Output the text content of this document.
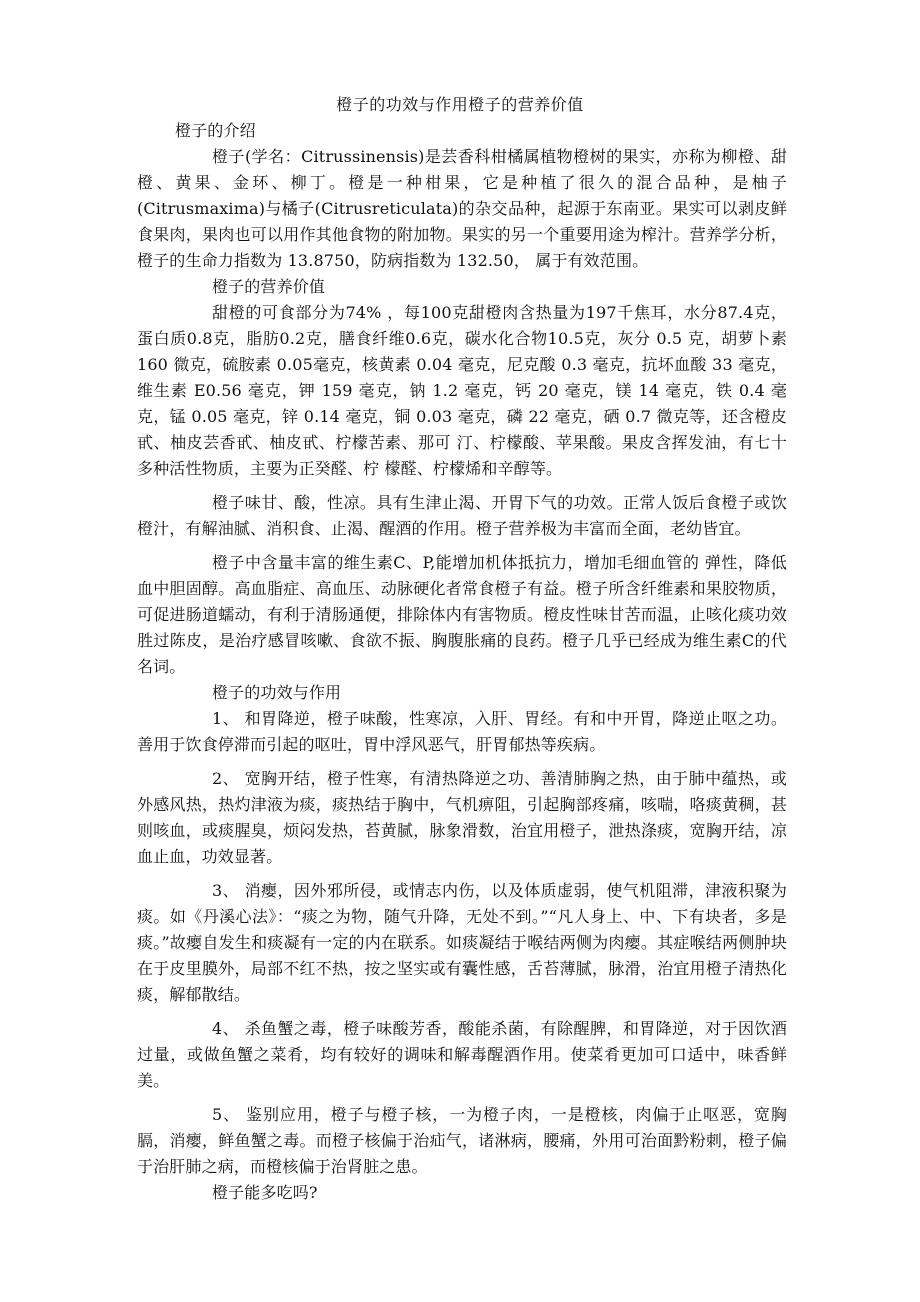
橙子的功效与作用橙子的营养价值

橙子的介绍

橙子(学名：Citrussinensis)是芸香科柑橘属植物橙树的果实，亦称为柳橙、甜橙、黄果、金环、柳丁。橙是一种柑果，它是种植了很久的混合品种，是柚子(Citrusmaxima)与橘子(Citrusreticulata)的杂交品种，起源于东南亚。果实可以剥皮鲜食果肉，果肉也可以用作其他食物的附加物。果实的另一个重要用途为榨汁。营养学分析，橙子的生命力指数为 13.8750，防病指数为 132.50， 属于有效范围。

橙子的营养价值

甜橙的可食部分为74% ，每100克甜橙肉含热量为197千焦耳，水分87.4克，蛋白质0.8克，脂肪0.2克，膳食纤维0.6克，碳水化合物10.5克，灰分 0.5 克，胡萝卜素160 微克，硫胺素 0.05毫克，核黄素 0.04 毫克，尼克酸 0.3 毫克，抗坏血酸 33 毫克，维生素 E0.56 毫克，钾 159 毫克，钠 1.2 毫克，钙 20 毫克，镁 14 毫克，铁 0.4 毫克，锰 0.05 毫克，锌 0.14 毫克，铜 0.03 毫克，磷 22 毫克，硒 0.7 微克等，还含橙皮甙、柚皮芸香甙、柚皮甙、柠檬苦素、那可 汀、柠檬酸、苹果酸。果皮含挥发油，有七十多种活性物质，主要为正癸醛、柠 檬醛、柠檬烯和辛醇等。

橙子味甘、酸，性凉。具有生津止渴、开胃下气的功效。正常人饭后食橙子或饮橙汁，有解油腻、消积食、止渴、醒酒的作用。橙子营养极为丰富而全面，老幼皆宜。

橙子中含量丰富的维生素C、P,能增加机体抵抗力，增加毛细血管的 弹性，降低血中胆固醇。高血脂症、高血压、动脉硬化者常食橙子有益。橙子所含纤维素和果胶物质，可促进肠道蠕动，有利于清肠通便，排除体内有害物质。橙皮性味甘苦而温，止咳化痰功效胜过陈皮，是治疗感冒咳嗽、食欲不振、胸腹胀痛的良药。橙子几乎已经成为维生素C的代名词。

橙子的功效与作用

1、 和胃降逆，橙子味酸，性寒凉，入肝、胃经。有和中开胃，降逆止呕之功。善用于饮食停滞而引起的呕吐，胃中浮风恶气，肝胃郁热等疾病。

2、 宽胸开结，橙子性寒，有清热降逆之功、善清肺胸之热，由于肺中蕴热，或外感风热，热灼津液为痰，痰热结于胸中，气机痹阻，引起胸部疼痛，咳喘，咯痰黄稠，甚则咳血，或痰腥臭，烦闷发热，苔黄腻，脉象滑数，治宜用橙子，泄热涤痰，宽胸开结，凉血止血，功效显著。

3、 消瘿，因外邪所侵，或情志内伤，以及体质虚弱，使气机阻滞，津液积聚为痰。如《丹溪心法》：“痰之为物，随气升降，无处不到。”“凡人身上、中、下有块者，多是痰。”故瘿自发生和痰凝有一定的内在联系。如痰凝结于喉结两侧为肉瘿。其症喉结两侧肿块在于皮里膜外，局部不红不热，按之坚实或有囊性感，舌苔薄腻，脉滑，治宜用橙子清热化痰，解郁散结。

4、 杀鱼蟹之毒，橙子味酸芳香，酸能杀菌，有除醒脾，和胃降逆，对于因饮酒过量，或做鱼蟹之菜肴，均有较好的调味和解毒醒酒作用。使菜肴更加可口适中，味香鲜美。

5、 鉴别应用，橙子与橙子核，一为橙子肉，一是橙核，肉偏于止呕恶，宽胸膈，消瘿，鲜鱼蟹之毒。而橙子核偏于治疝气，诸淋病，腰痛，外用可治面黔粉刺，橙子偏于治肝肺之病，而橙核偏于治肾脏之患。

橙子能多吃吗?
